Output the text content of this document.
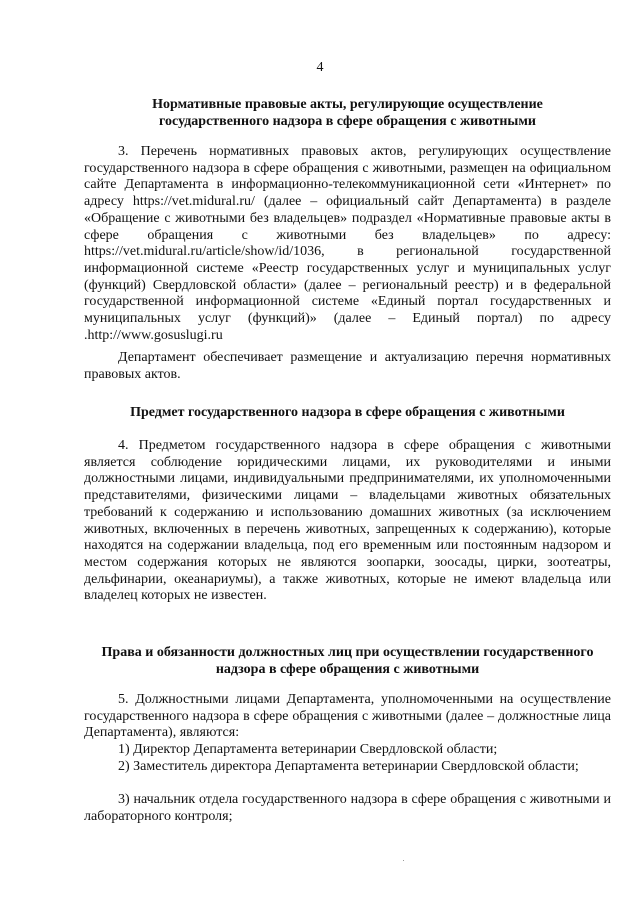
4
Нормативные правовые акты, регулирующие осуществление
государственного надзора в сфере обращения с животными
3. Перечень нормативных правовых актов, регулирующих осуществление государственного надзора в сфере обращения с животными, размещен на официальном сайте Департамента в информационно-телекоммуникационной сети «Интернет» по адресу https://vet.midural.ru/ (далее – официальный сайт Департамента) в разделе «Обращение с животными без владельцев» подраздел «Нормативные правовые акты в сфере обращения с животными без владельцев» по адресу: https://vet.midural.ru/article/show/id/1036, в региональной государственной информационной системе «Реестр государственных услуг и муниципальных услуг (функций) Свердловской области» (далее – региональный реестр) и в федеральной государственной информационной системе «Единый портал государственных и муниципальных услуг (функций)» (далее – Единый портал) по адресу .http://www.gosuslugi.ru
Департамент обеспечивает размещение и актуализацию перечня нормативных правовых актов.
Предмет государственного надзора в сфере обращения с животными
4. Предметом государственного надзора в сфере обращения с животными является соблюдение юридическими лицами, их руководителями и иными должностными лицами, индивидуальными предпринимателями, их уполномоченными представителями, физическими лицами – владельцами животных обязательных требований к содержанию и использованию домашних животных (за исключением животных, включенных в перечень животных, запрещенных к содержанию), которые находятся на содержании владельца, под его временным или постоянным надзором и местом содержания которых не являются зоопарки, зоосады, цирки, зоотеатры, дельфинарии, океанариумы), а также животных, которые не имеют владельца или владелец которых не известен.
Права и обязанности должностных лиц при осуществлении государственного
надзора в сфере обращения с животными
5. Должностными лицами Департамента, уполномоченными на осуществление государственного надзора в сфере обращения с животными (далее – должностные лица Департамента), являются:
1) Директор Департамента ветеринарии Свердловской области;
2) Заместитель директора Департамента ветеринарии Свердловской области;
3) начальник отдела государственного надзора в сфере обращения с животными и лабораторного контроля;
